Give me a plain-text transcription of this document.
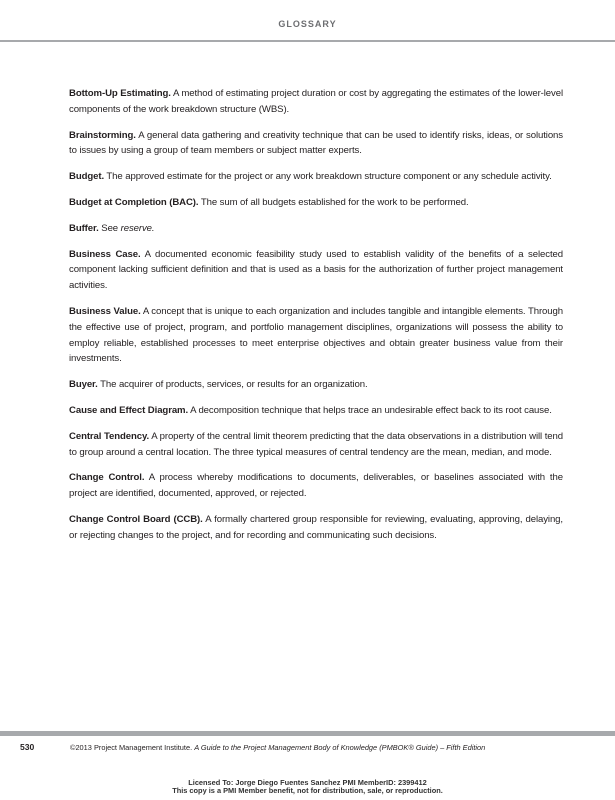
GLOSSARY

Bottom-Up Estimating. A method of estimating project duration or cost by aggregating the estimates of the lower-level components of the work breakdown structure (WBS).

Brainstorming. A general data gathering and creativity technique that can be used to identify risks, ideas, or solutions to issues by using a group of team members or subject matter experts.

Budget. The approved estimate for the project or any work breakdown structure component or any schedule activity.

Budget at Completion (BAC). The sum of all budgets established for the work to be performed.

Buffer. See reserve.

Business Case. A documented economic feasibility study used to establish validity of the benefits of a selected component lacking sufficient definition and that is used as a basis for the authorization of further project management activities.

Business Value. A concept that is unique to each organization and includes tangible and intangible elements. Through the effective use of project, program, and portfolio management disciplines, organizations will possess the ability to employ reliable, established processes to meet enterprise objectives and obtain greater business value from their investments.

Buyer. The acquirer of products, services, or results for an organization.

Cause and Effect Diagram. A decomposition technique that helps trace an undesirable effect back to its root cause.

Central Tendency. A property of the central limit theorem predicting that the data observations in a distribution will tend to group around a central location. The three typical measures of central tendency are the mean, median, and mode.

Change Control. A process whereby modifications to documents, deliverables, or baselines associated with the project are identified, documented, approved, or rejected.

Change Control Board (CCB). A formally chartered group responsible for reviewing, evaluating, approving, delaying, or rejecting changes to the project, and for recording and communicating such decisions.

530	©2013 Project Management Institute. A Guide to the Project Management Body of Knowledge (PMBOK® Guide) – Fifth Edition
Licensed To: Jorge Diego Fuentes Sanchez PMI MemberID: 2399412
This copy is a PMI Member benefit, not for distribution, sale, or reproduction.
